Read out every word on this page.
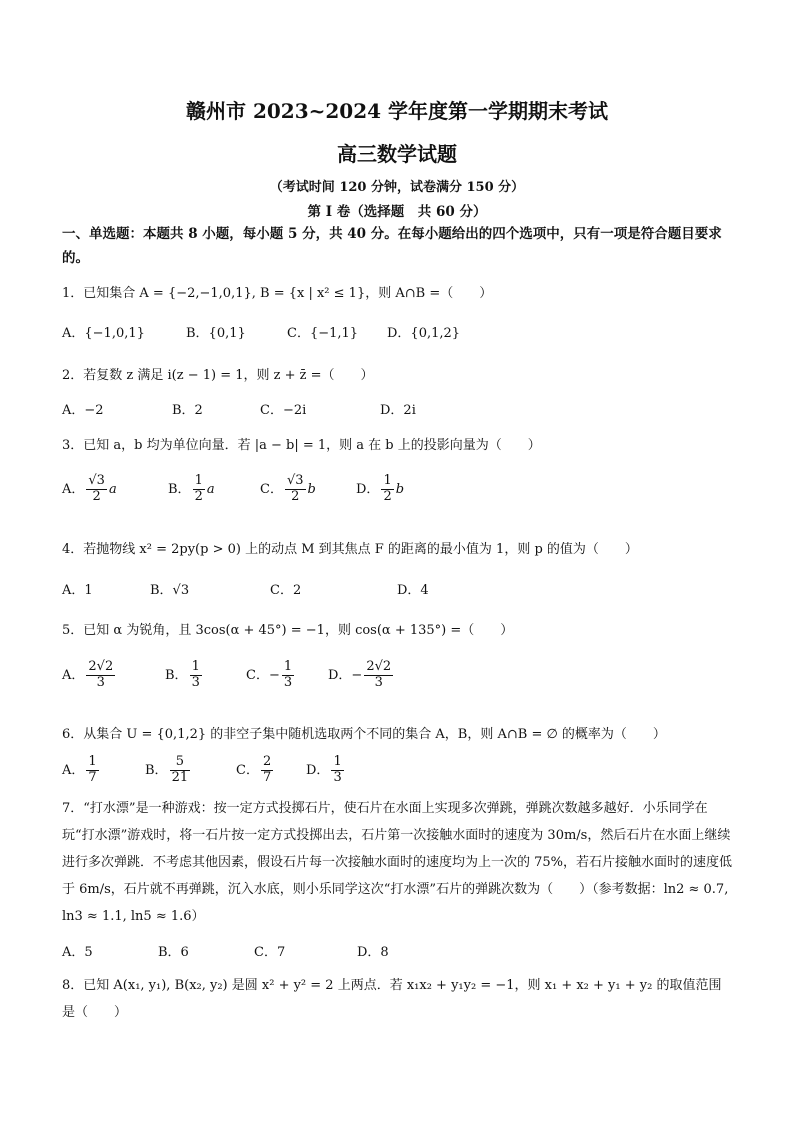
赣州市 2023~2024 学年度第一学期期末考试
高三数学试题
（考试时间 120 分钟，试卷满分 150 分）
第 I 卷（选择题　共 60 分）
一、单选题：本题共 8 小题，每小题 5 分，共 40 分。在每小题给出的四个选项中，只有一项是符合题目要求的。
1．已知集合 A = {−2,−1,0,1}, B = {x | x² ≤ 1}，则 A∩B =（　　）
A．{−1,0,1}	B．{0,1}	C．{−1,1} D．{0,1,2}
2．若复数 z 满足 i(z − 1) = 1，则 z + z̄ =（　　）
A．−2	B．2	C．−2i	D．2i
3．已知 a，b 均为单位向量．若 |a − b| = 1，则 a 在 b 上的投影向量为（　　）
A． $\frac{√3}{2}$ a	B． $\frac{1}{2}$ a	C． $\frac{√3}{2}$ b	D． $\frac{1}{2}$ b
4．若抛物线 x² = 2py(p > 0) 上的动点 M 到其焦点 F 的距离的最小值为 1，则 p 的值为（　　）
A．1	B．√3	C．2	D．4
5．已知 α 为锐角，且 3cos(α + 45°) = −1，则 cos(α + 135°) =（　　）
A． $\frac{2√2}{3}$	B． $\frac{1}{3}$	C．− $\frac{1}{3}$	D．− $\frac{2√2}{3}$
6．从集合 U = {0,1,2} 的非空子集中随机选取两个不同的集合 A，B，则 A∩B = ∅ 的概率为（　　）
A． $\frac{1}{7}$	B． $\frac{5}{21}$	C． $\frac{2}{7}$	D． $\frac{1}{3}$
7．“打水漂”是一种游戏：按一定方式投掷石片，使石片在水面上实现多次弹跳，弹跳次数越多越好．小乐同学在玩“打水漂”游戏时，将一石片按一定方式投掷出去，石片第一次接触水面时的速度为 30m/s，然后石片在水面上继续进行多次弹跳．不考虑其他因素，假设石片每一次接触水面时的速度均为上一次的 75%，若石片接触水面时的速度低于 6m/s，石片就不再弹跳，沉入水底，则小乐同学这次“打水漂”石片的弹跳次数为（　　）（参考数据：ln2 ≈ 0.7, ln3 ≈ 1.1, ln5 ≈ 1.6）
A．5	B．6	C．7	D．8
8．已知 A(x₁, y₁), B(x₂, y₂) 是圆 x² + y² = 2 上两点．若 x₁x₂ + y₁y₂ = −1，则 x₁ + x₂ + y₁ + y₂ 的取值范围是（　　）
